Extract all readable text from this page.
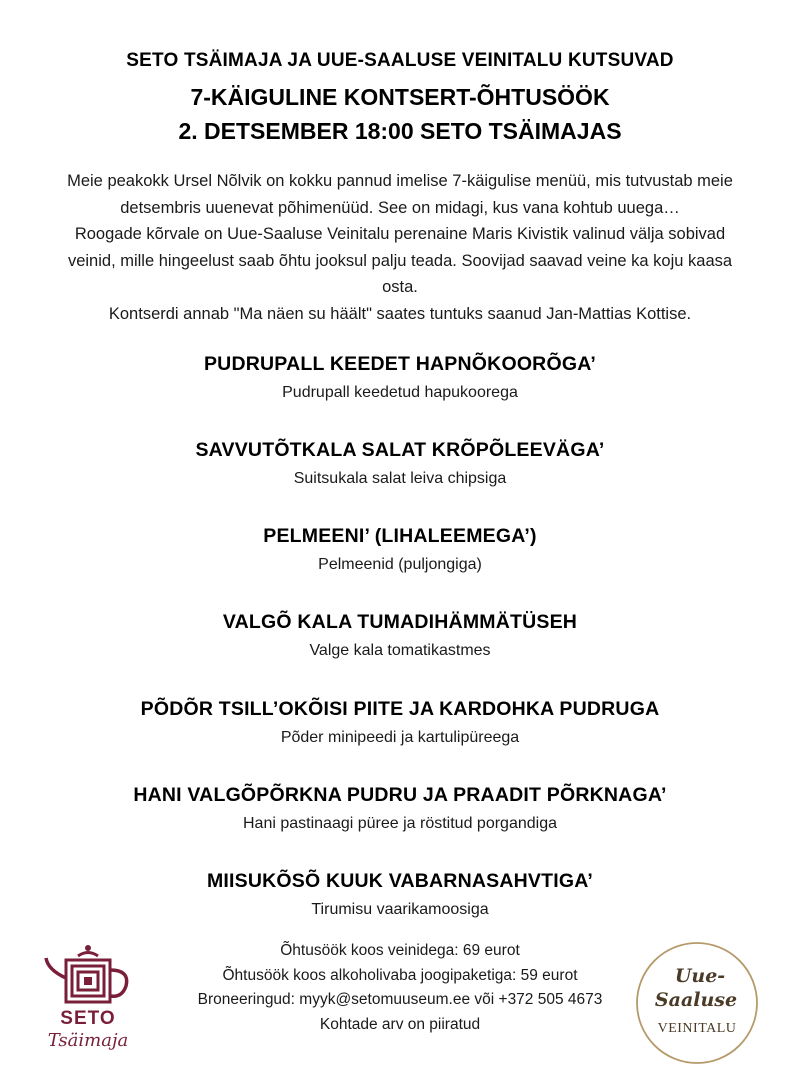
SETO TSÄIMAJA JA UUE-SAALUSE VEINITALU KUTSUVAD
7-KÄIGULINE KONTSERT-ÕHTUSÖÖK
2. DETSEMBER 18:00 SETO TSÄIMAJAS
Meie peakokk Ursel Nõlvik on kokku pannud imelise 7-käigulise menüü, mis tutvustab meie
detsembris uuenevat põhimenüüd. See on midagi, kus vana kohtub uuega…
Roogade kõrvale on Uue-Saaluse Veinitalu perenaine Maris Kivistik valinud välja sobivad
veinid, mille hingeelust saab õhtu jooksul palju teada. Soovijad saavad veine ka koju kaasa
osta.
Kontserdi annab "Ma näen su häält" saates tuntuks saanud Jan-Mattias Kottise.
PUDRUPALL KEEDET HAPNÕKOORÕGA’
Pudrupall keedetud hapukoorega
SAVVUTÕTKALA SALAT KRÕPÕLEEVÄGA’
Suitsukala salat leiva chipsiga
PELMEENI’ (LIHALEEMEGA’)
Pelmeenid (puljongiga)
VALGÕ KALA TUMADIHÄMMÄTÜSEH
Valge kala tomatikastmes
PÕDÕR TSILL’OKÕISI PIITE JA KARDOHKA PUDRUGA
Põder minipeedi ja kartulipüreega
HANI VALGÕPÕRKNA PUDRU JA PRAADIT PÕRKNAGA’
Hani pastinaagi püree ja röstitud porgandiga
MIISUKÕSÕ KUUK VABARNASAHVTIGA’
Tirumisu vaarikamoosiga
Õhtusöök koos veinidega: 69 eurot
Õhtusöök koos alkoholivaba joogipaketiga: 59 eurot
Broneeringud: myyk@setomuuseum.ee või +372 505 4673
Kohtade arv on piiratud
SETO
Tsäimaja
Uue-
Saaluse
VEINITALU
